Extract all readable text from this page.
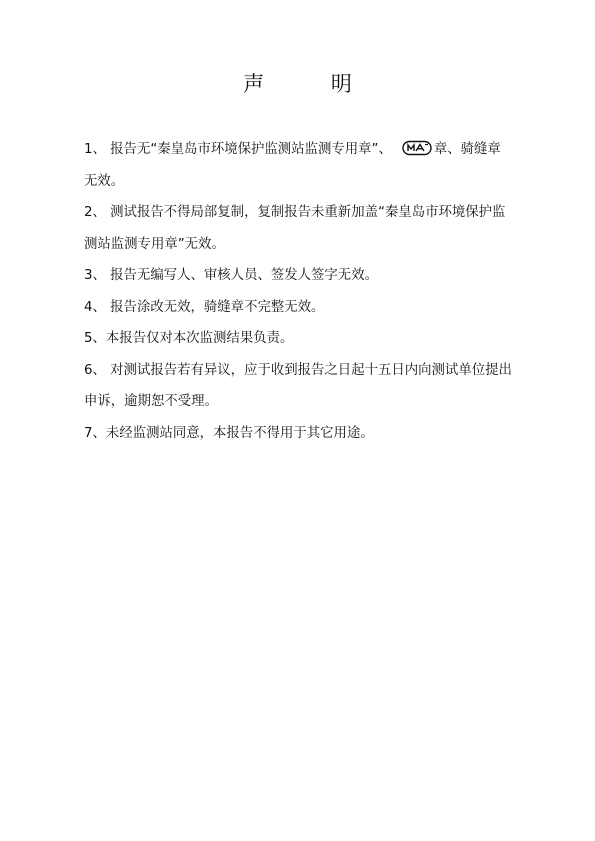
声 明

1、 报告无“秦皇岛市环境保护监测站监测专用章”、	章、骑缝章无效。

2、 测试报告不得局部复制，复制报告未重新加盖“秦皇岛市环境保护监测站监测专用章”无效。

3、 报告无编写人、审核人员、签发人签字无效。

4、 报告涂改无效，骑缝章不完整无效。

5、本报告仅对本次监测结果负责。

6、 对测试报告若有异议，应于收到报告之日起十五日内向测试单位提出申诉，逾期恕不受理。

7、未经监测站同意，本报告不得用于其它用途。
